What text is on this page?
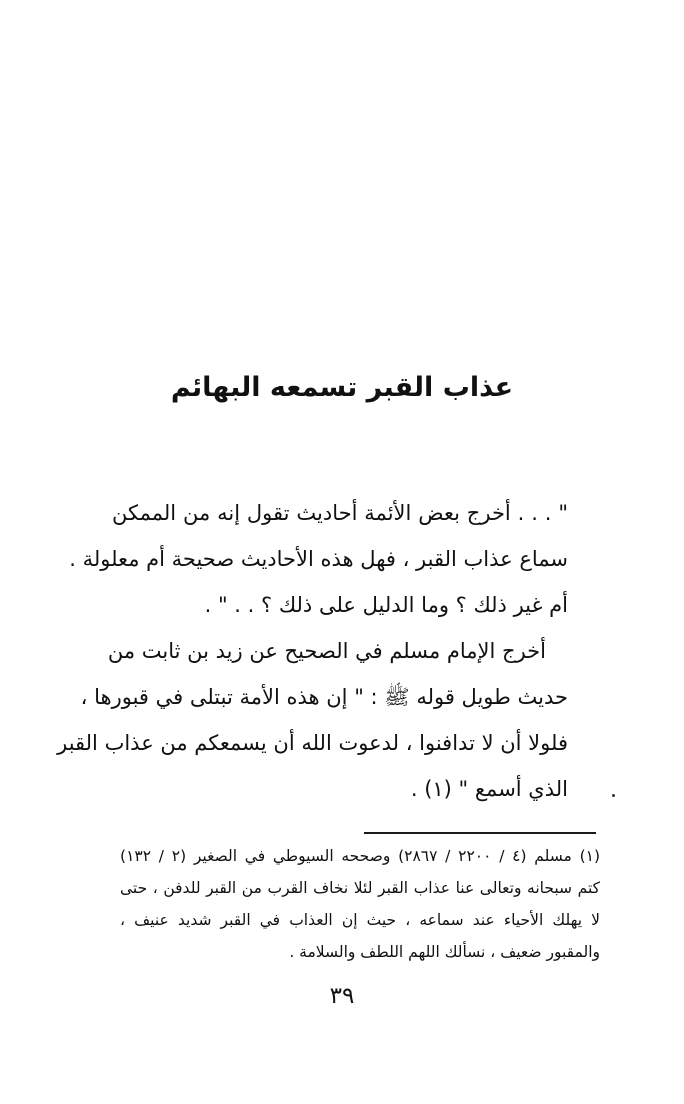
عذاب القبر تسمعه البهائم
" . . . أخرج بعض الأئمة أحاديث تقول إنه من الممكن
سماع عذاب القبر ، فهل هذه الأحاديث صحيحة أم معلولة .
أم غير ذلك ؟ وما الدليل على ذلك ؟ . . " .
أخرج الإمام مسلم في الصحيح عن زيد بن ثابت من
حديث طويل قوله ﷺ : " إن هذه الأمة تبتلى في قبورها ،
فلولا أن لا تدافنوا ، لدعوت الله أن يسمعكم من عذاب القبر
الذي أسمع " (١) .
(١) مسلم (٤ / ٢٢٠٠ / ٢٨٦٧) وصححه السيوطي في الصغير (٢ / ١٣٢)
كتم سبحانه وتعالى عنا عذاب القبر لئلا نخاف القرب من القبر للدفن ، حتى
لا يهلك الأحياء عند سماعه ، حيث إن العذاب في القبر شديد عنيف ،
والمقبور ضعيف ، نسألك اللهم اللطف والسلامة .
٣٩
